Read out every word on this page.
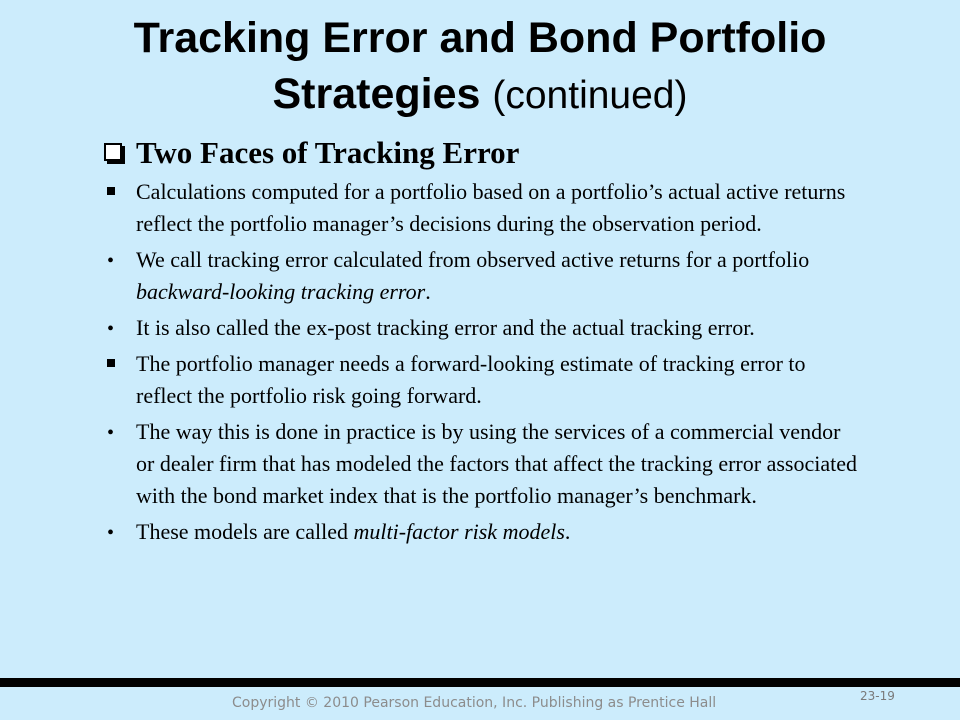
Tracking Error and Bond Portfolio
Strategies (continued)
Two Faces of Tracking Error
Calculations computed for a portfolio based on a portfolio’s actual active returns reflect the portfolio manager’s decisions during the observation period.
•
We call tracking error calculated from observed active returns for a portfolio backward-looking tracking error.
•
It is also called the ex-post tracking error and the actual tracking error.
The portfolio manager needs a forward-looking estimate of tracking error to reflect the portfolio risk going forward.
•
The way this is done in practice is by using the services of a commercial vendor or dealer firm that has modeled the factors that affect the tracking error associated with the bond market index that is the portfolio manager’s benchmark.
•
These models are called multi-factor risk models.
Copyright © 2010 Pearson Education, Inc. Publishing as Prentice Hall	23-19
